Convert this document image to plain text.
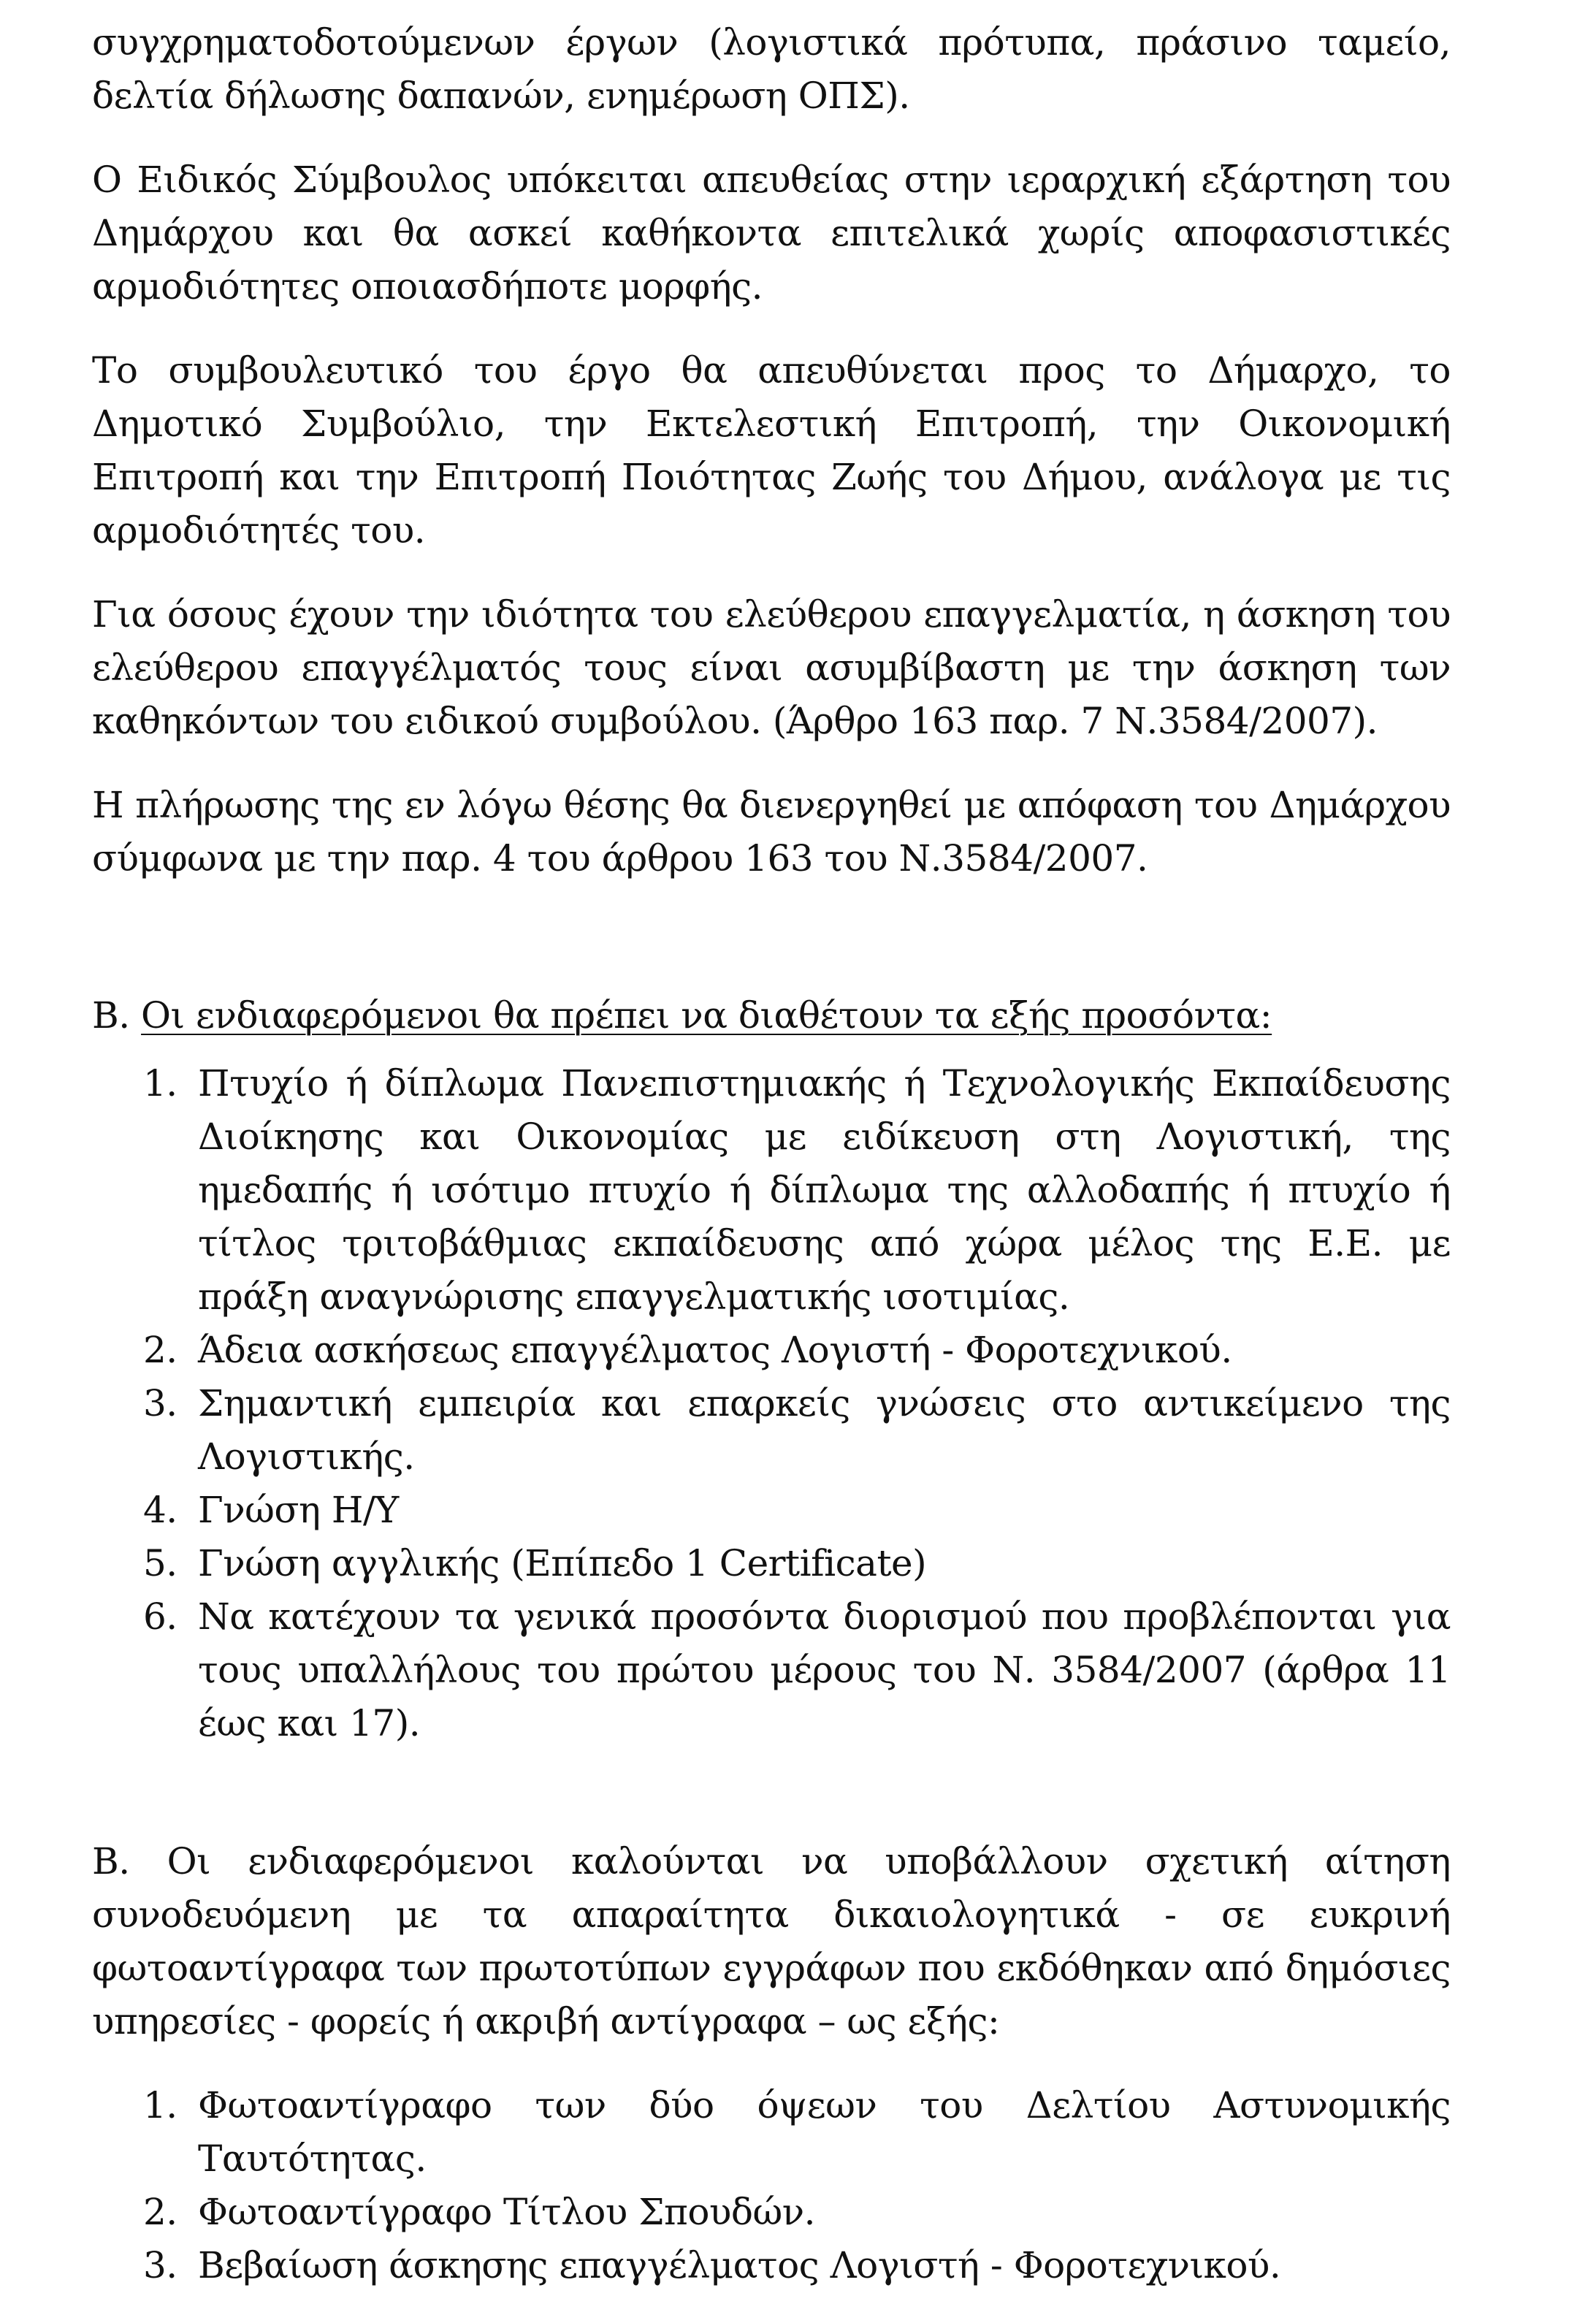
συγχρηματοδοτούμενων έργων (λογιστικά πρότυπα, πράσινο ταμείο, δελτία δήλωσης δαπανών, ενημέρωση ΟΠΣ).

Ο Ειδικός Σύμβουλος υπόκειται απευθείας στην ιεραρχική εξάρτηση του Δημάρχου και θα ασκεί καθήκοντα επιτελικά χωρίς αποφασιστικές αρμοδιότητες οποιασδήποτε μορφής.

Το συμβουλευτικό του έργο θα απευθύνεται προς το Δήμαρχο, το Δημοτικό Συμβούλιο, την Εκτελεστική Επιτροπή, την Οικονομική Επιτροπή και την Επιτροπή Ποιότητας Ζωής του Δήμου, ανάλογα με τις αρμοδιότητές του.

Για όσους έχουν την ιδιότητα του ελεύθερου επαγγελματία, η άσκηση του ελεύθερου επαγγέλματός τους είναι ασυμβίβαστη με την άσκηση των καθηκόντων του ειδικού συμβούλου. (Άρθρο 163 παρ. 7 Ν.3584/2007).

Η πλήρωσης της εν λόγω θέσης θα διενεργηθεί με απόφαση του Δημάρχου σύμφωνα με την παρ. 4 του άρθρου 163 του Ν.3584/2007.

Β. Οι ενδιαφερόμενοι θα πρέπει να διαθέτουν τα εξής προσόντα:
1. Πτυχίο ή δίπλωμα Πανεπιστημιακής ή Τεχνολογικής Εκπαίδευσης Διοίκησης και Οικονομίας με ειδίκευση στη Λογιστική, της ημεδαπής ή ισότιμο πτυχίο ή δίπλωμα της αλλοδαπής ή πτυχίο ή τίτλος τριτοβάθμιας εκπαίδευσης από χώρα μέλος της Ε.Ε. με πράξη αναγνώρισης επαγγελματικής ισοτιμίας.
2. Άδεια ασκήσεως επαγγέλματος Λογιστή - Φοροτεχνικού.
3. Σημαντική εμπειρία και επαρκείς γνώσεις στο αντικείμενο της Λογιστικής.
4. Γνώση Η/Υ
5. Γνώση αγγλικής (Επίπεδο 1 Certificate)
6. Να κατέχουν τα γενικά προσόντα διορισμού που προβλέπονται για τους υπαλλήλους του πρώτου μέρους του Ν. 3584/2007 (άρθρα 11 έως και 17).

Β. Οι ενδιαφερόμενοι καλούνται να υποβάλλουν σχετική αίτηση συνοδευόμενη με τα απαραίτητα δικαιολογητικά - σε ευκρινή φωτοαντίγραφα των πρωτοτύπων εγγράφων που εκδόθηκαν από δημόσιες υπηρεσίες - φορείς ή ακριβή αντίγραφα – ως εξής:

1. Φωτοαντίγραφο των δύο όψεων του Δελτίου Αστυνομικής Ταυτότητας.
2. Φωτοαντίγραφο Τίτλου Σπουδών.
3. Βεβαίωση άσκησης επαγγέλματος Λογιστή - Φοροτεχνικού.
